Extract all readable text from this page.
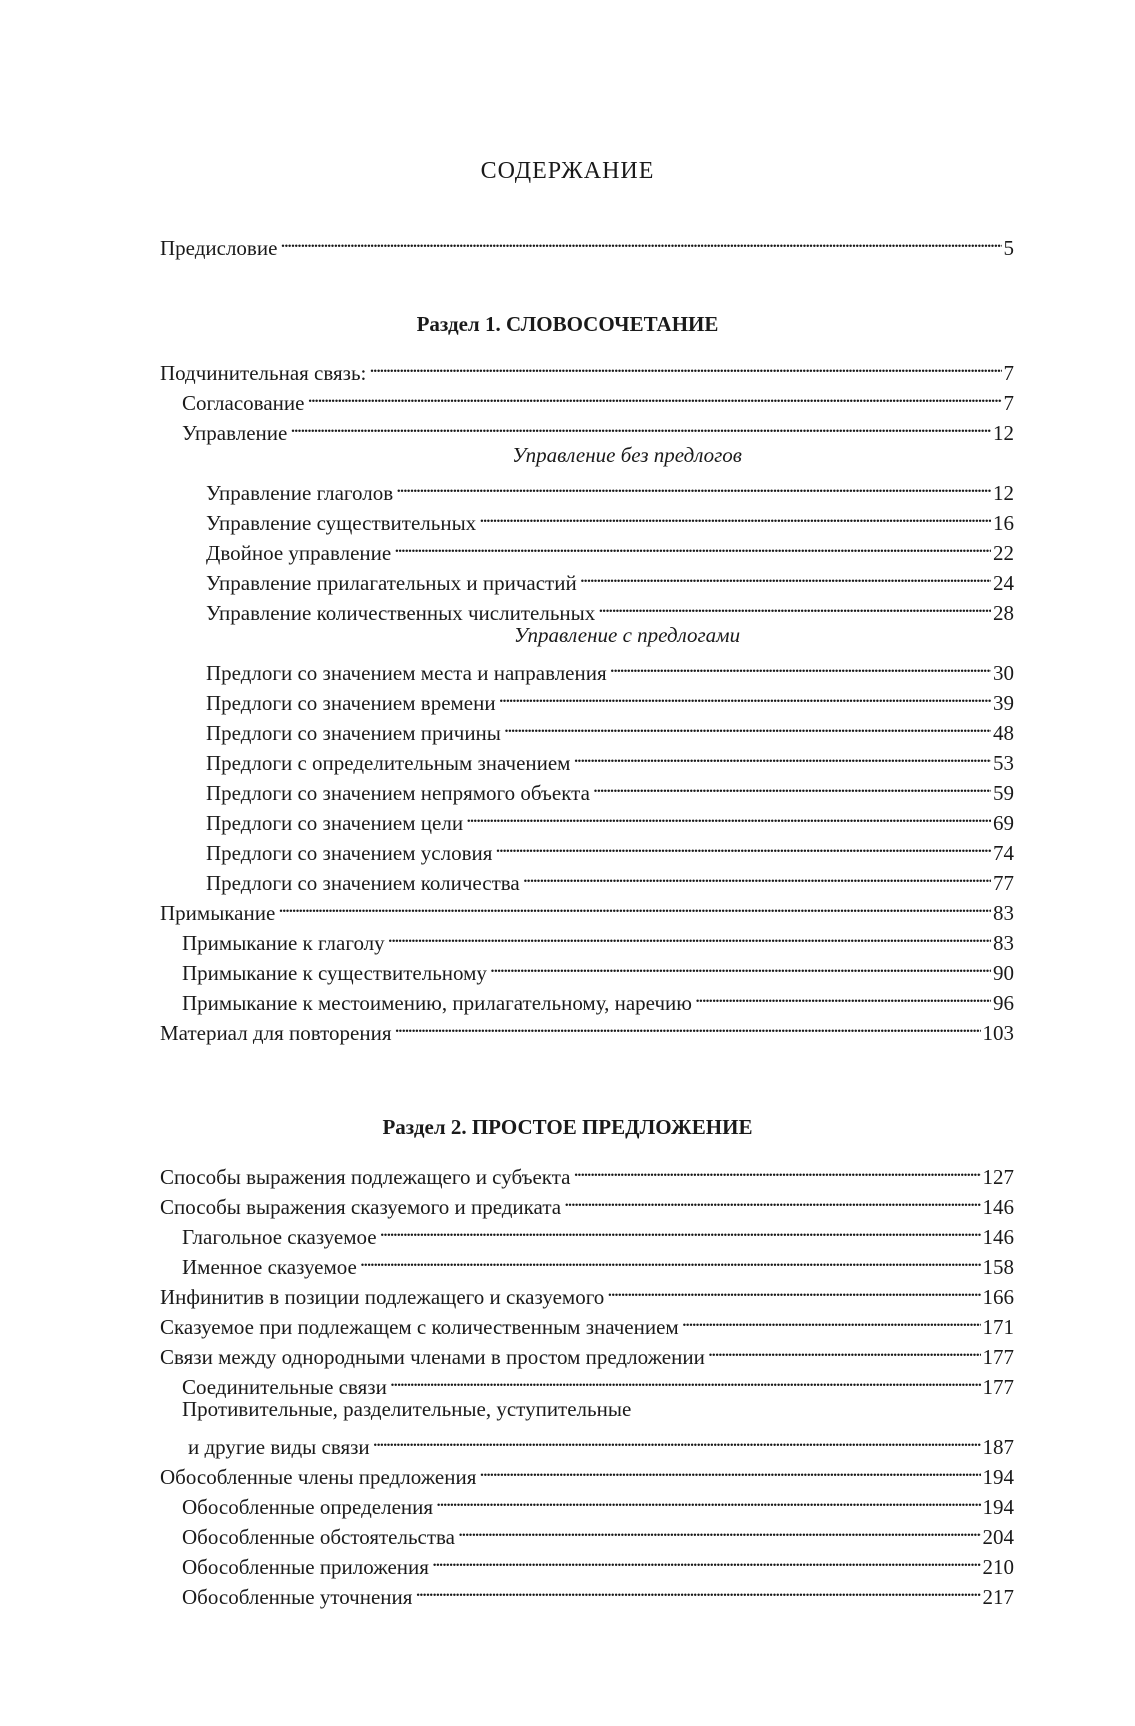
СОДЕРЖАНИЕ
Предисловие . . .	5
Раздел 1. СЛОВОСОЧЕТАНИЕ
Подчинительная связь: . . .	7
Согласование . . .	7
Управление . . .	12
Управление без предлогов
Управление глаголов . . .	12
Управление существительных . . .	16
Двойное управление . . .	22
Управление прилагательных и причастий . . .	24
Управление количественных числительных . . .	28
Управление с предлогами
Предлоги со значением места и направления . . .	30
Предлоги со значением времени . . .	39
Предлоги со значением причины . . .	48
Предлоги с определительным значением . . .	53
Предлоги со значением непрямого объекта . . .	59
Предлоги со значением цели . . .	69
Предлоги со значением условия . . .	74
Предлоги со значением количества . . .	77
Примыкание . . .	83
Примыкание к глаголу . . .	83
Примыкание к существительному . . .	90
Примыкание к местоимению, прилагательному, наречию . . .	96
Материал для повторения . . .	103
Раздел 2. ПРОСТОЕ ПРЕДЛОЖЕНИЕ
Способы выражения подлежащего и субъекта . . .	127
Способы выражения сказуемого и предиката . . .	146
Глагольное сказуемое . . .	146
Именное сказуемое . . .	158
Инфинитив в позиции подлежащего и сказуемого . . .	166
Сказуемое при подлежащем с количественным значением . . .	171
Связи между однородными членами в простом предложении . . .	177
Соединительные связи . . .	177
Противительные, разделительные, уступительные
и другие виды связи . . .	187
Обособленные члены предложения . . .	194
Обособленные определения . . .	194
Обособленные обстоятельства . . .	204
Обособленные приложения . . .	210
Обособленные уточнения . . .	217
